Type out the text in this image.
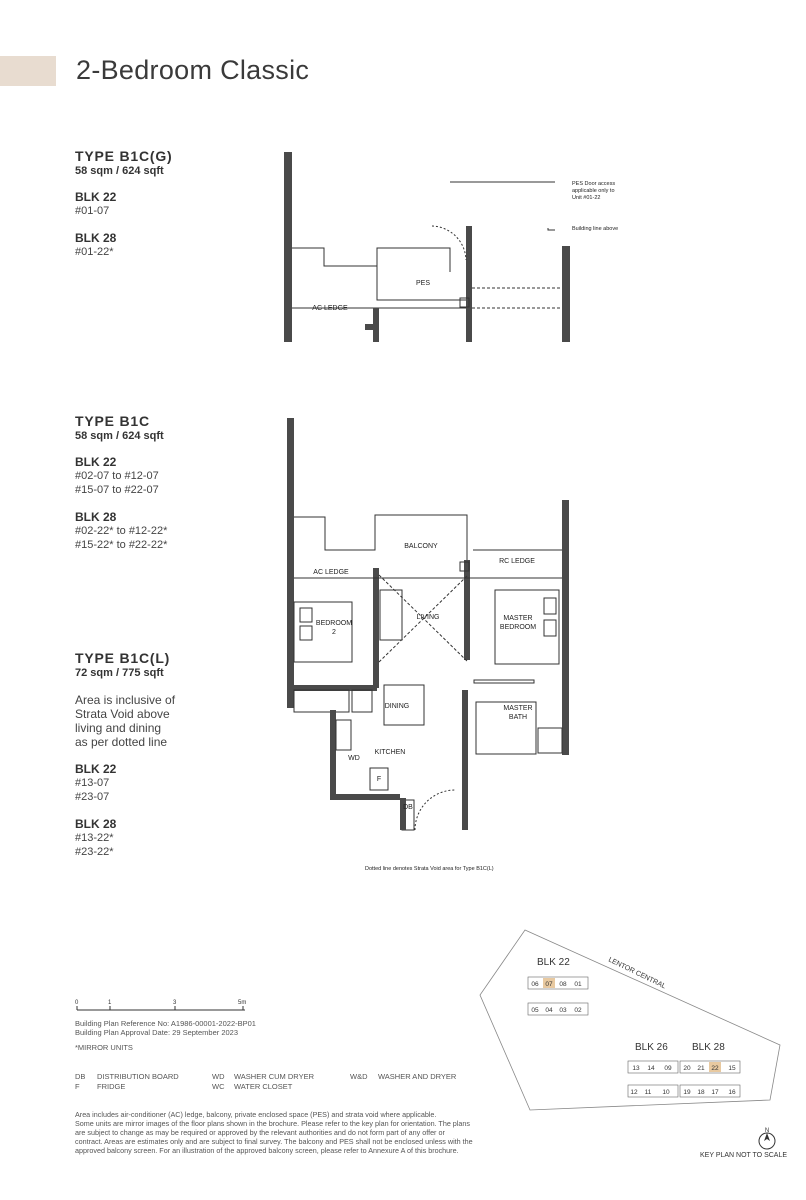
2-Bedroom Classic
TYPE B1C(G)
58 sqm / 624 sqft
BLK 22
#01-07
BLK 28
#01-22*
TYPE B1C
58 sqm / 624 sqft
BLK 22
#02-07 to #12-07
#15-07 to #22-07
BLK 28
#02-22* to #12-22*
#15-22* to #22-22*
TYPE B1C(L)
72 sqm / 775 sqft
Area is inclusive of
Strata Void above
living and dining
as per dotted line
BLK 22
#13-07
#23-07
BLK 28
#13-22*
#23-22*
PES
AC LEDGE
PES Door access
applicable only to
Unit #01-22
Building line above
BALCONY
AC LEDGE
RC LEDGE
LIVING
BEDROOM
2
MASTER
BEDROOM
DINING
KITCHEN
WD
F
DB
MASTER
BATH
Dotted line denotes Strata Void area for Type B1C(L)
0	1	3	5m
Building Plan Reference No: A1986-00001-2022-BP01
Building Plan Approval Date: 29 September 2023
*MIRROR UNITS
DB DISTRIBUTION BOARD
F FRIDGE
WD WASHER CUM DRYER
WC WATER CLOSET
W&D WASHER AND DRYER
Area includes air-conditioner (AC) ledge, balcony, private enclosed space (PES) and strata void where applicable.
Some units are mirror images of the floor plans shown in the brochure. Please refer to the key plan for orientation. The plans
are subject to change as may be required or approved by the relevant authorities and do not form part of any offer or
contract. Areas are estimates only and are subject to final survey. The balcony and PES shall not be enclosed unless with the
approved balcony screen. For an illustration of the approved balcony screen, please refer to Annexure A of this brochure.
LENTOR CENTRAL
06 07 08 01
05 04 03 02
13 14 09
12 11 10
20 21 22 15
19 18 17 16
BLK 22
BLK 26 BLK 28
N
KEY PLAN NOT TO SCALE
